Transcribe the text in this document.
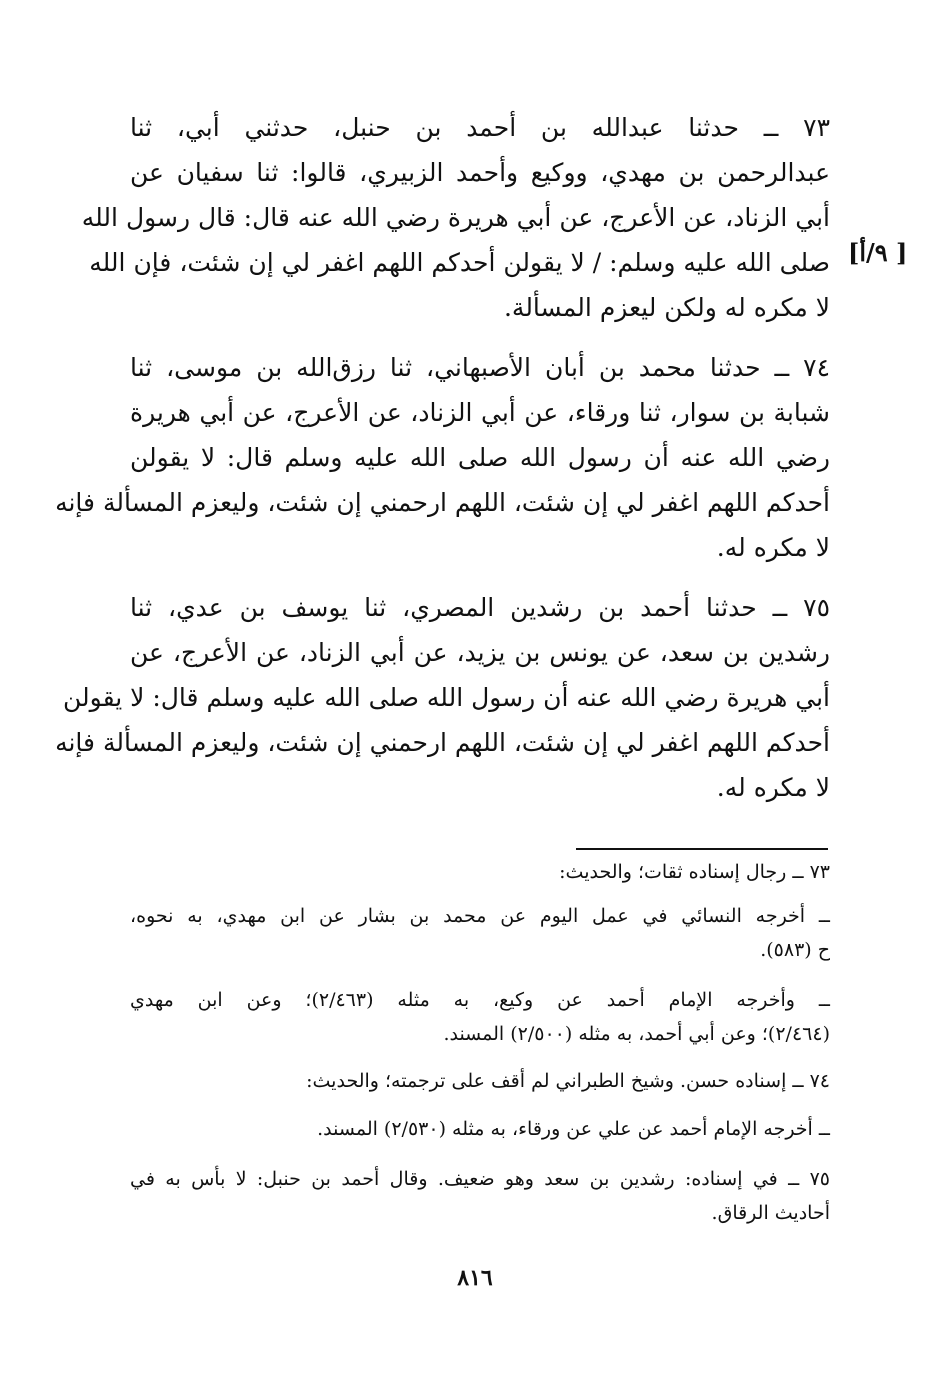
[ ٩/أ]
٧٣ ــ حدثنا عبدالله بن أحمد بن حنبل، حدثني أبي، ثنا
عبدالرحمن بن مهدي، ووكيع وأحمد الزبيري، قالوا: ثنا سفيان عن
أبي الزناد، عن الأعرج، عن أبي هريرة رضي الله عنه قال: قال رسول الله
صلى الله عليه وسلم: / لا يقولن أحدكم اللهم اغفر لي إن شئت، فإن الله
لا مكره له ولكن ليعزم المسألة.
٧٤ ــ حدثنا محمد بن أبان الأصبهاني، ثنا رزق‌الله بن موسى، ثنا
شبابة بن سوار، ثنا ورقاء، عن أبي الزناد، عن الأعرج، عن أبي هريرة
رضي الله عنه أن رسول الله صلى الله عليه وسلم قال: لا يقولن
أحدكم اللهم اغفر لي إن شئت، اللهم ارحمني إن شئت، وليعزم المسألة فإنه
لا مكره له.
٧٥ ــ حدثنا أحمد بن رشدين المصري، ثنا يوسف بن عدي، ثنا
رشدين بن سعد، عن يونس بن يزيد، عن أبي الزناد، عن الأعرج، عن
أبي هريرة رضي الله عنه أن رسول الله صلى الله عليه وسلم قال: لا يقولن
أحدكم اللهم اغفر لي إن شئت، اللهم ارحمني إن شئت، وليعزم المسألة فإنه
لا مكره له.
٧٣ ــ رجال إسناده ثقات؛ والحديث:
ــ أخرجه النسائي في عمل اليوم عن محمد بن بشار عن ابن مهدي، به نحوه،
ح (٥٨٣).
ــ وأخرجه الإمام أحمد عن وكيع، به مثله (٢/٤٦٣)؛ وعن ابن مهدي
(٢/٤٦٤)؛ وعن أبي أحمد، به مثله (٢/٥٠٠) المسند.
٧٤ ــ إسناده حسن. وشيخ الطبراني لم أقف على ترجمته؛ والحديث:
ــ أخرجه الإمام أحمد عن علي عن ورقاء، به مثله (٢/٥٣٠) المسند.
٧٥ ــ في إسناده: رشدين بن سعد وهو ضعيف. وقال أحمد بن حنبل: لا بأس به في
أحاديث الرقاق.
٨١٦
